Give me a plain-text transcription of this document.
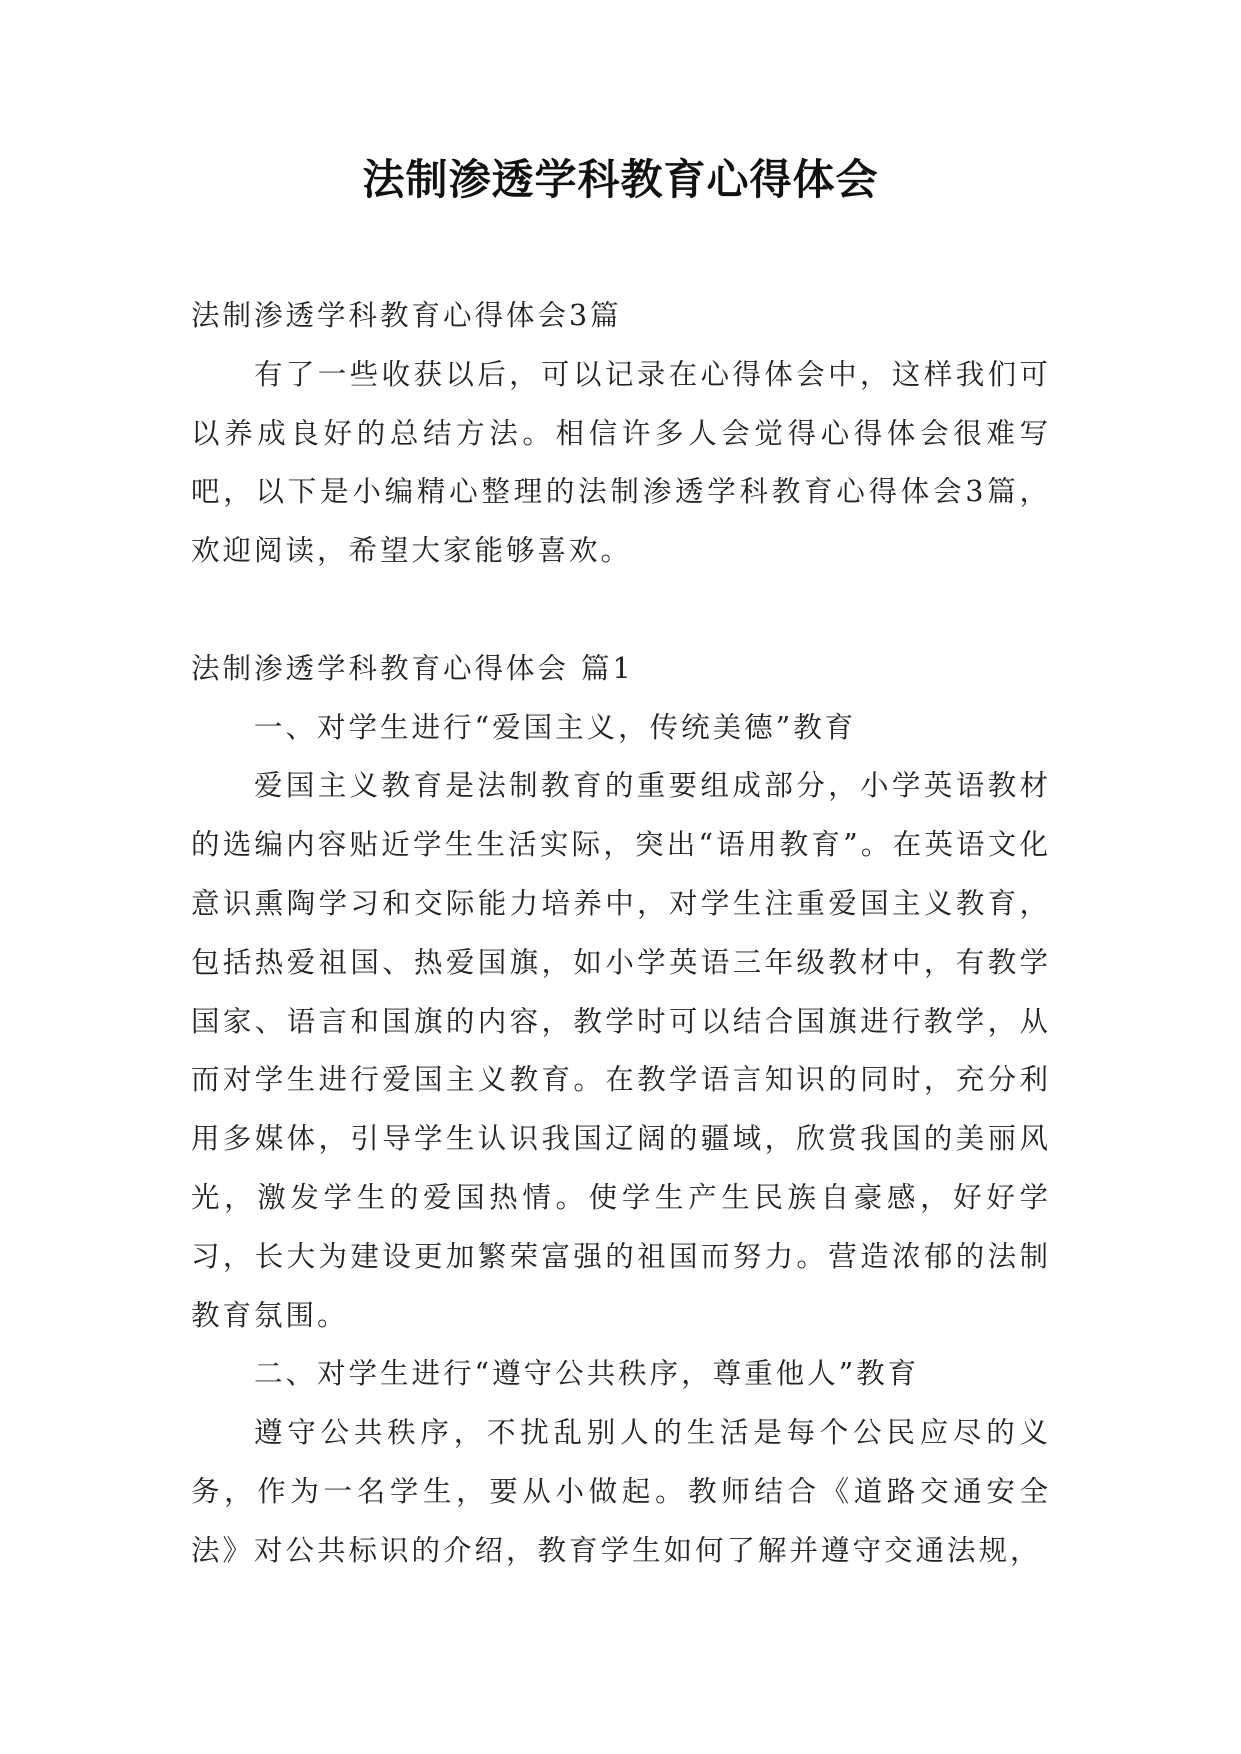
法制渗透学科教育心得体会

法制渗透学科教育心得体会3篇

有了一些收获以后，可以记录在心得体会中，这样我们可以养成良好的总结方法。相信许多人会觉得心得体会很难写吧，以下是小编精心整理的法制渗透学科教育心得体会3篇，欢迎阅读，希望大家能够喜欢。

法制渗透学科教育心得体会 篇1

一、对学生进行“爱国主义，传统美德”教育

爱国主义教育是法制教育的重要组成部分，小学英语教材的选编内容贴近学生生活实际，突出“语用教育”。在英语文化意识熏陶学习和交际能力培养中，对学生注重爱国主义教育，包括热爱祖国、热爱国旗，如小学英语三年级教材中，有教学国家、语言和国旗的内容，教学时可以结合国旗进行教学，从而对学生进行爱国主义教育。在教学语言知识的同时，充分利用多媒体，引导学生认识我国辽阔的疆域，欣赏我国的美丽风光，激发学生的爱国热情。使学生产生民族自豪感，好好学习，长大为建设更加繁荣富强的祖国而努力。营造浓郁的法制教育氛围。

二、对学生进行“遵守公共秩序，尊重他人”教育

遵守公共秩序，不扰乱别人的生活是每个公民应尽的义务，作为一名学生，要从小做起。教师结合《道路交通安全法》对公共标识的介绍，教育学生如何了解并遵守交通法规，
